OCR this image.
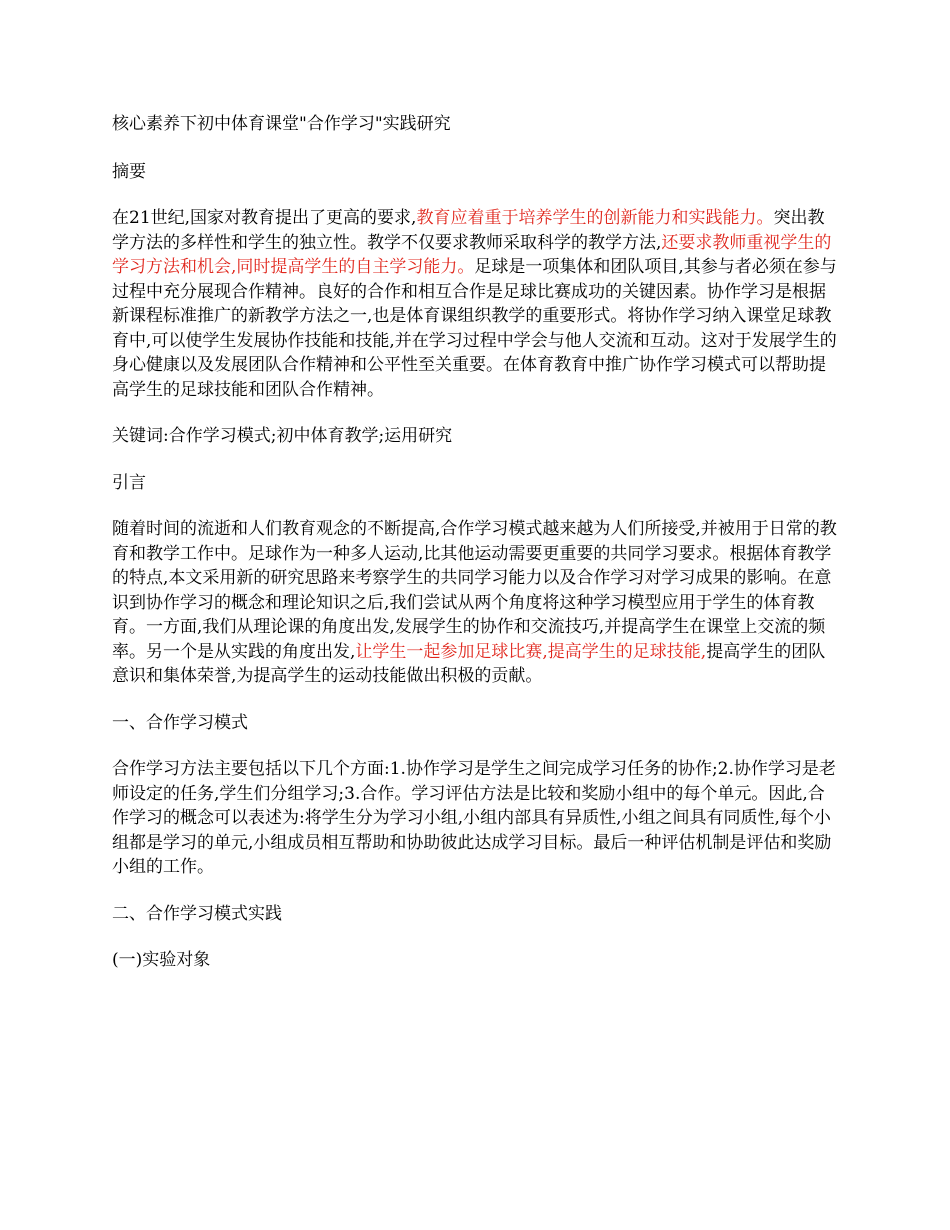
核心素养下初中体育课堂"合作学习"实践研究

摘要

在21世纪,国家对教育提出了更高的要求,教育应着重于培养学生的创新能力和实践能力。突出教学方法的多样性和学生的独立性。教学不仅要求教师采取科学的教学方法,还要求教师重视学生的学习方法和机会,同时提高学生的自主学习能力。足球是一项集体和团队项目,其参与者必须在参与过程中充分展现合作精神。良好的合作和相互合作是足球比赛成功的关键因素。协作学习是根据新课程标准推广的新教学方法之一,也是体育课组织教学的重要形式。将协作学习纳入课堂足球教育中,可以使学生发展协作技能和技能,并在学习过程中学会与他人交流和互动。这对于发展学生的身心健康以及发展团队合作精神和公平性至关重要。在体育教育中推广协作学习模式可以帮助提高学生的足球技能和团队合作精神。

关键词:合作学习模式;初中体育教学;运用研究

引言

随着时间的流逝和人们教育观念的不断提高,合作学习模式越来越为人们所接受,并被用于日常的教育和教学工作中。足球作为一种多人运动,比其他运动需要更重要的共同学习要求。根据体育教学的特点,本文采用新的研究思路来考察学生的共同学习能力以及合作学习对学习成果的影响。在意识到协作学习的概念和理论知识之后,我们尝试从两个角度将这种学习模型应用于学生的体育教育。一方面,我们从理论课的角度出发,发展学生的协作和交流技巧,并提高学生在课堂上交流的频率。另一个是从实践的角度出发,让学生一起参加足球比赛,提高学生的足球技能,提高学生的团队意识和集体荣誉,为提高学生的运动技能做出积极的贡献。

一、合作学习模式

合作学习方法主要包括以下几个方面:1.协作学习是学生之间完成学习任务的协作;2.协作学习是老师设定的任务,学生们分组学习;3.合作。学习评估方法是比较和奖励小组中的每个单元。因此,合作学习的概念可以表述为:将学生分为学习小组,小组内部具有异质性,小组之间具有同质性,每个小组都是学习的单元,小组成员相互帮助和协助彼此达成学习目标。最后一种评估机制是评估和奖励小组的工作。

二、合作学习模式实践

(一)实验对象
